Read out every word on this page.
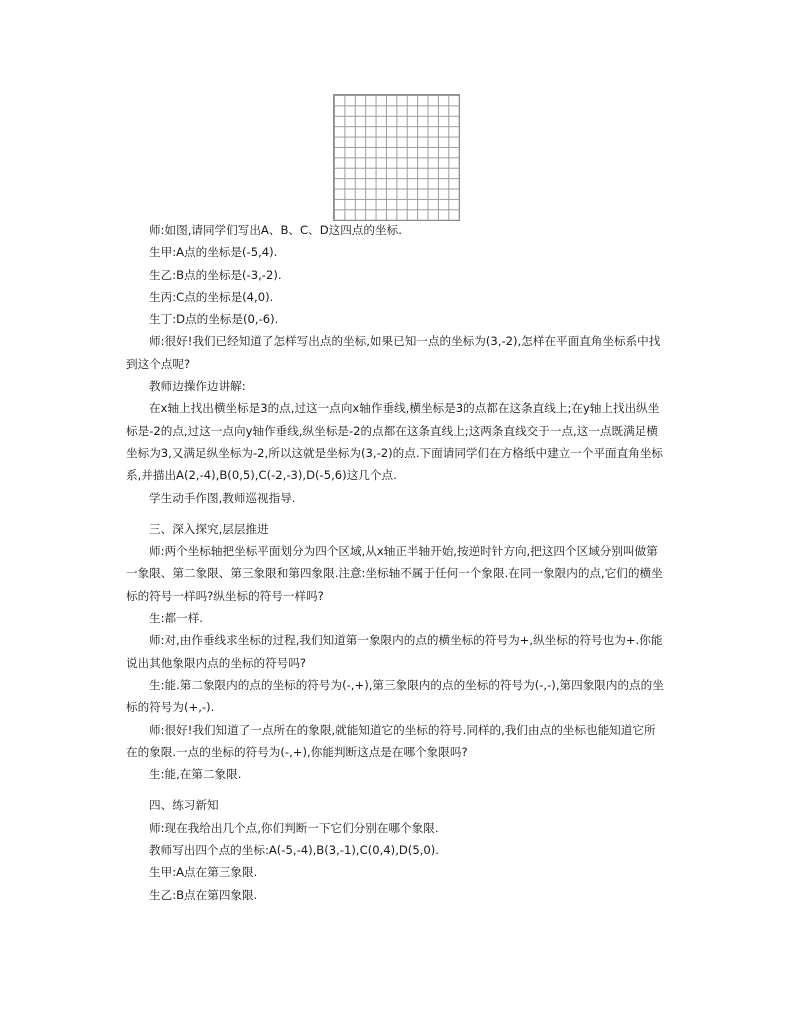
师:如图,请同学们写出A、B、C、D这四点的坐标.

生甲:A点的坐标是(-5,4).

生乙:B点的坐标是(-3,-2).

生丙:C点的坐标是(4,0).

生丁:D点的坐标是(0,-6).

师:很好!我们已经知道了怎样写出点的坐标,如果已知一点的坐标为(3,-2),怎样在平面直角坐标系中找到这个点呢?

教师边操作边讲解:

在x轴上找出横坐标是3的点,过这一点向x轴作垂线,横坐标是3的点都在这条直线上;在y轴上找出纵坐标是-2的点,过这一点向y轴作垂线,纵坐标是-2的点都在这条直线上;这两条直线交于一点,这一点既满足横坐标为3,又满足纵坐标为-2,所以这就是坐标为(3,-2)的点.下面请同学们在方格纸中建立一个平面直角坐标系,并描出A(2,-4),B(0,5),C(-2,-3),D(-5,6)这几个点.

学生动手作图,教师巡视指导.

三、深入探究,层层推进

师:两个坐标轴把坐标平面划分为四个区域,从x轴正半轴开始,按逆时针方向,把这四个区域分别叫做第一象限、第二象限、第三象限和第四象限.注意:坐标轴不属于任何一个象限.在同一象限内的点,它们的横坐标的符号一样吗?纵坐标的符号一样吗?

生:都一样.

师:对,由作垂线求坐标的过程,我们知道第一象限内的点的横坐标的符号为+,纵坐标的符号也为+.你能说出其他象限内点的坐标的符号吗?

生:能.第二象限内的点的坐标的符号为(-,+),第三象限内的点的坐标的符号为(-,-),第四象限内的点的坐标的符号为(+,-).

师:很好!我们知道了一点所在的象限,就能知道它的坐标的符号.同样的,我们由点的坐标也能知道它所在的象限.一点的坐标的符号为(-,+),你能判断这点是在哪个象限吗?

生:能,在第二象限.

四、练习新知

师:现在我给出几个点,你们判断一下它们分别在哪个象限.

教师写出四个点的坐标:A(-5,-4),B(3,-1),C(0,4),D(5,0).

生甲:A点在第三象限.

生乙:B点在第四象限.
